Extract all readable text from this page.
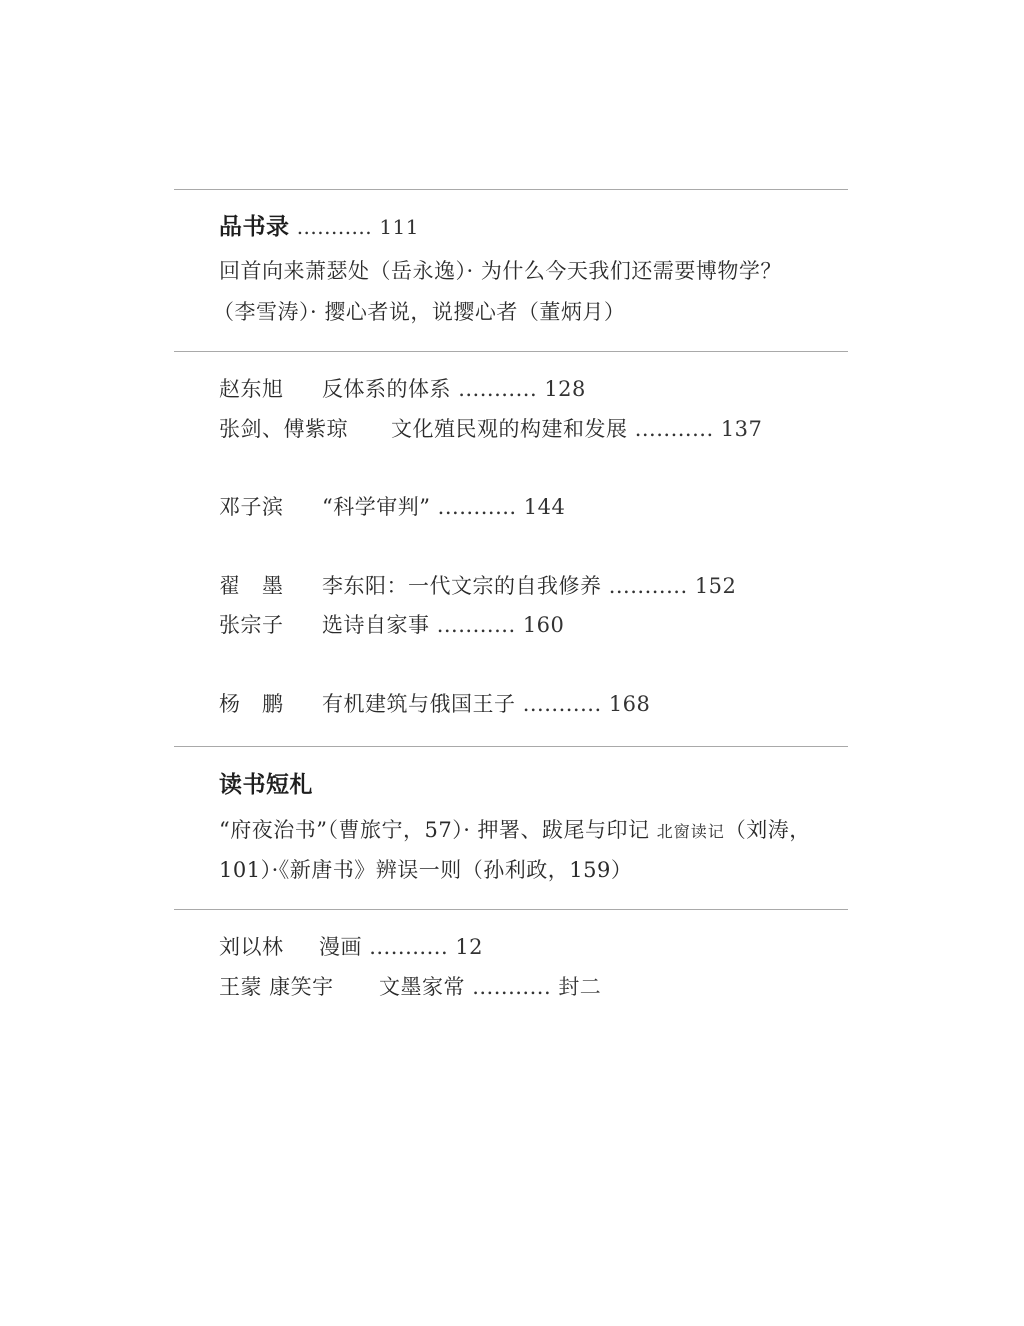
品书录 ........... 111
回首向来萧瑟处（岳永逸）· 为什么今天我们还需要博物学？
（李雪涛）· 撄心者说，说撄心者（董炳月）
赵东旭 反体系的体系 ........... 128
张剑、傅紫琼 文化殖民观的构建和发展 ........... 137
邓子滨 “科学审判” ........... 144
翟　墨 李东阳：一代文宗的自我修养 ........... 152
张宗子 选诗自家事 ........... 160
杨　鹏 有机建筑与俄国王子 ........... 168
读书短札
“府夜治书”（曹旅宁，57）· 押署、跋尾与印记 北窗读记（刘涛，
101）·《新唐书》辨误一则（孙利政，159）
刘以林 漫画 ........... 12
王蒙 康笑宇 文墨家常 ........... 封二
